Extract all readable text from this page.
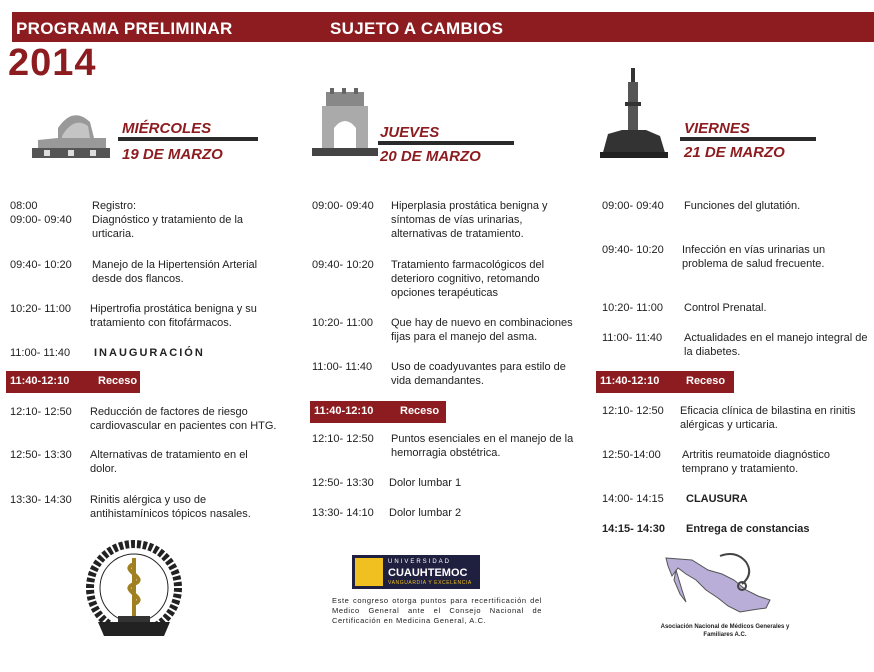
PROGRAMA PRELIMINAR	SUJETO A CAMBIOS
2014
MIÉRCOLES
19 DE MARZO
JUEVES
20 DE MARZO
VIERNES
21 DE MARZO
08:00	Registro:
09:00- 09:40 Diagnóstico y tratamiento de la urticaria.
09:40- 10:20 Manejo de la Hipertensión Arterial desde dos flancos.
10:20- 11:00 Hipertrofia prostática benigna y su tratamiento con fitofármacos.
11:00- 11:40 INAUGURACIÓN
11:40-12:10	Receso
12:10- 12:50 Reducción de factores de riesgo cardiovascular en pacientes con HTG.
12:50- 13:30 Alternativas de tratamiento en el dolor.
13:30- 14:30 Rinitis alérgica y uso de antihistamínicos tópicos nasales.
09:00- 09:40 Hiperplasia prostática benigna y síntomas de vías urinarias, alternativas de tratamiento.
09:40- 10:20 Tratamiento farmacológicos del deterioro cognitivo, retomando opciones terapéuticas
10:20- 11:00 Que hay de nuevo en combinaciones fijas para el manejo del asma.
11:00- 11:40 Uso de coadyuvantes para estilo de vida demandantes.
11:40-12:10 Receso
12:10- 12:50 Puntos esenciales en el manejo de la hemorragia obstétrica.
12:50- 13:30 Dolor lumbar 1
13:30- 14:10 Dolor lumbar 2
09:00- 09:40 Funciones del glutatión.
09:40- 10:20 Infección en vías urinarias un problema de salud frecuente.
10:20- 11:00 Control Prenatal.
11:00- 11:40 Actualidades en el manejo integral de la diabetes.
11:40-12:10 Receso
12:10- 12:50 Eficacia clínica de bilastina en rinitis alérgicas y urticaria.
12:50-14:00 Artritis reumatoide diagnóstico temprano y tratamiento.
14:00- 14:15 CLAUSURA
14:15- 14:30 Entrega de constancias
UNIVERSIDAD
CUAUHTEMOC
VANGUARDIA Y EXCELENCIA
Este congreso otorga puntos para recertificación del Medico General ante el Consejo Nacional de Certificación en Medicina General, A.C.
Asociación Nacional de Médicos Generales y Familiares A.C.
